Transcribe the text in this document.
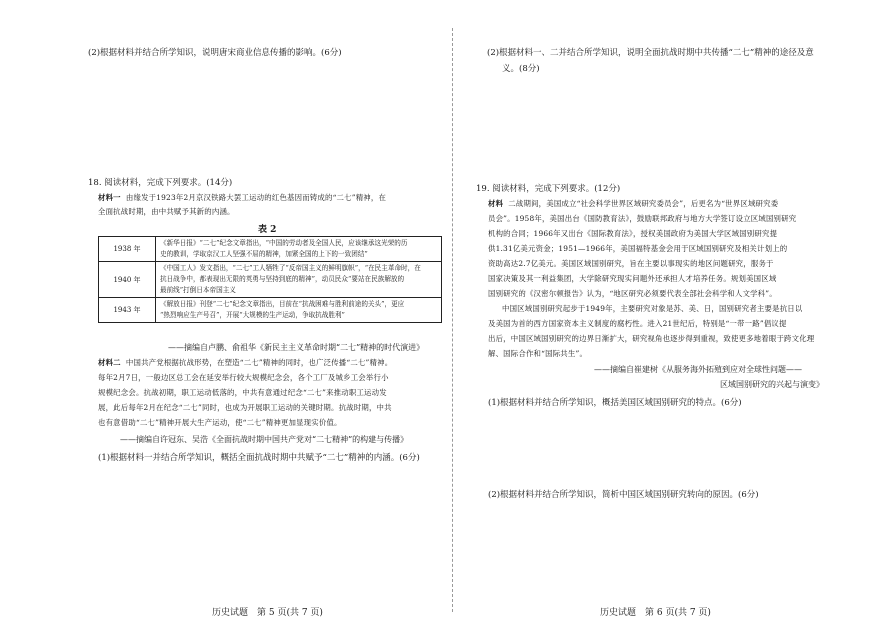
(2)根据材料并结合所学知识，说明唐宋商业信息传播的影响。(6分)
18. 阅读材料，完成下列要求。(14分)
材料一 由缘发于1923年2月京汉铁路大罢工运动的红色基因而铸成的“二七”精神，在
全面抗战时期，由中共赋予其新的内涵。
表 2
1938 年	《新华日报》“二七”纪念文章指出，“中国的劳动者及全国人民，应该继承这光荣的历
史的教训，学取京汉工人坚强不屈的精神，加紧全国的上下的一致团结”

1940 年	《中国工人》发文指出，“二七”工人牺牲了“反帝国主义的鲜明旗帜”，“在民主革命时，在
抗日战争中，都表现出无限的英勇与坚持到底的精神”，动员民众“要站在民族解放的
最前线”打倒日本帝国主义

1943 年	《解放日报》刊登“二七”纪念文章指出，目前在“抗战困难与胜利前途的关头”，更应
“热烈响应生产号召”，开展“大规模的生产运动，争取抗战胜利”
——摘编自卢鹏、俞祖华《新民主主义革命时期“二七”精神的时代演进》
材料二 中国共产党根据抗战形势，在塑造“二七”精神的同时，也广泛传播“二七”精神。
每年2月7日，一般边区总工会在延安举行较大规模纪念会，各个工厂及城乡工会举行小
规模纪念会。抗战初期，职工运动低落的，中共有意通过纪念“二七”来推动职工运动发
展，此后每年2月在纪念“二七”同时，也成为开展职工运动的关键时期。抗战时期，中共
也有意借助“二七”精神开展大生产运动，使“二七”精神更加显现实价值。
——摘编自许冠东、吴浩《全面抗战时期中国共产党对“二七精神”的构建与传播》
(1)根据材料一并结合所学知识，概括全面抗战时期中共赋予“二七”精神的内涵。(6分)
历史试题　第 5 页(共 7 页)
(2)根据材料一、二并结合所学知识，说明全面抗战时期中共传播“二七”精神的途径及意
义。(8分)
19. 阅读材料，完成下列要求。(12分)
材料 二战期间，美国成立“社会科学世界区域研究委员会”，后更名为“世界区域研究委
员会”。1958年，美国出台《国防教育法》，鼓励联邦政府与地方大学签订设立区域国别研究
机构的合同；1966年又出台《国际教育法》，授权美国政府为美国大学区域国别研究提
供1.31亿美元资金；1951—1966年，美国福特基金会用于区域国别研究及相关计划上的
资助高达2.7亿美元。美国区域国别研究，旨在主要以事现实的地区问题研究，服务于
国家决策及其一利益集团，大学除研究现实问题外还承担人才培养任务。规划美国区域
国别研究的《汉密尔顿报告》认为，“地区研究必须要代表全部社会科学和人文学科”。
中国区域国别研究起步于1949年，主要研究对象是苏、美、日，国别研究者主要是抗日以
及美国为首的西方国家资本主义制度的腐朽性。进入21世纪后，特别是“一带一路”倡议提
出后，中国区域国别研究的边界日渐扩大，研究视角也逐步得到重视，致使更多地着眼于跨文化理
解、国际合作和“国际共生”。
——摘编自崔建树《从服务海外拓殖到应对全球性问题——
区域国别研究的兴起与演变》
(1)根据材料并结合所学知识，概括美国区域国别研究的特点。(6分)
(2)根据材料并结合所学知识，简析中国区域国别研究转向的原因。(6分)
历史试题　第 6 页(共 7 页)
